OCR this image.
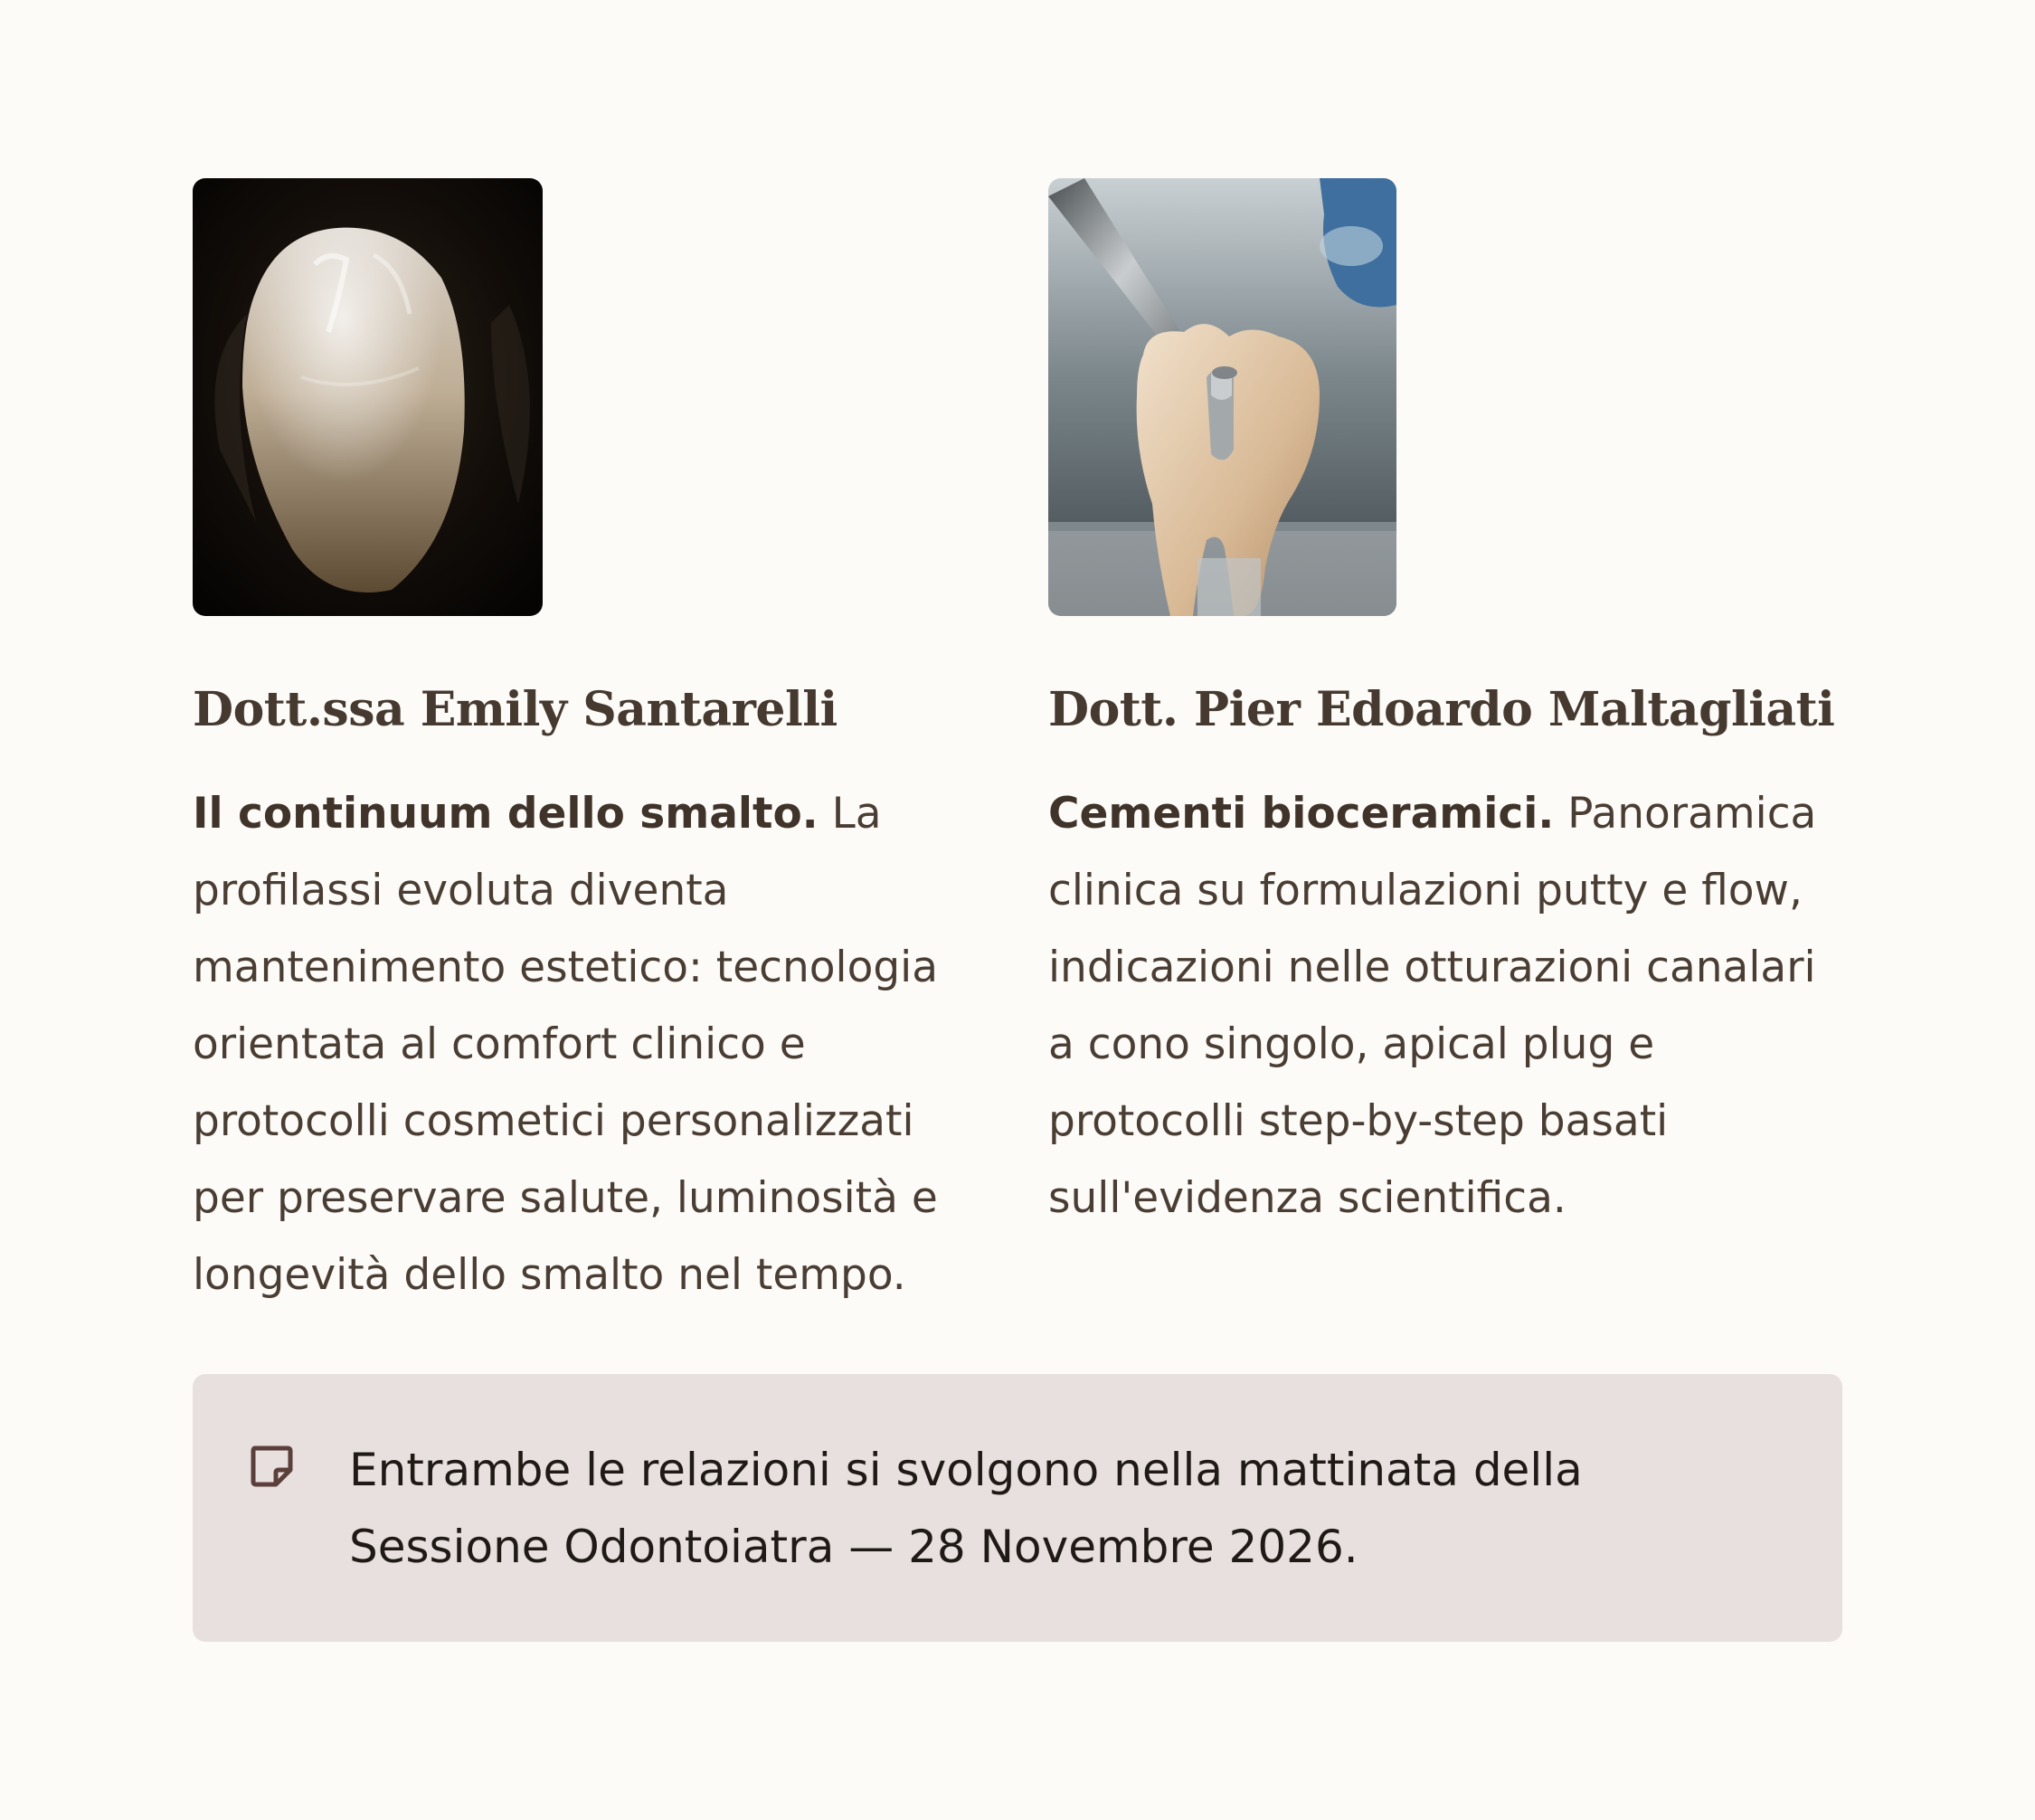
Dott.ssa Emily Santarelli

Il continuum dello smalto. La profilassi evoluta diventa mantenimento estetico: tecnologia orientata al comfort clinico e protocolli cosmetici personalizzati per preservare salute, luminosità e longevità dello smalto nel tempo.

Dott. Pier Edoardo Maltagliati

Cementi bioceramici. Panoramica clinica su formulazioni putty e flow, indicazioni nelle otturazioni canalari a cono singolo, apical plug e protocolli step-by-step basati sull'evidenza scientifica.

Entrambe le relazioni si svolgono nella mattinata della Sessione Odontoiatra — 28 Novembre 2026.
